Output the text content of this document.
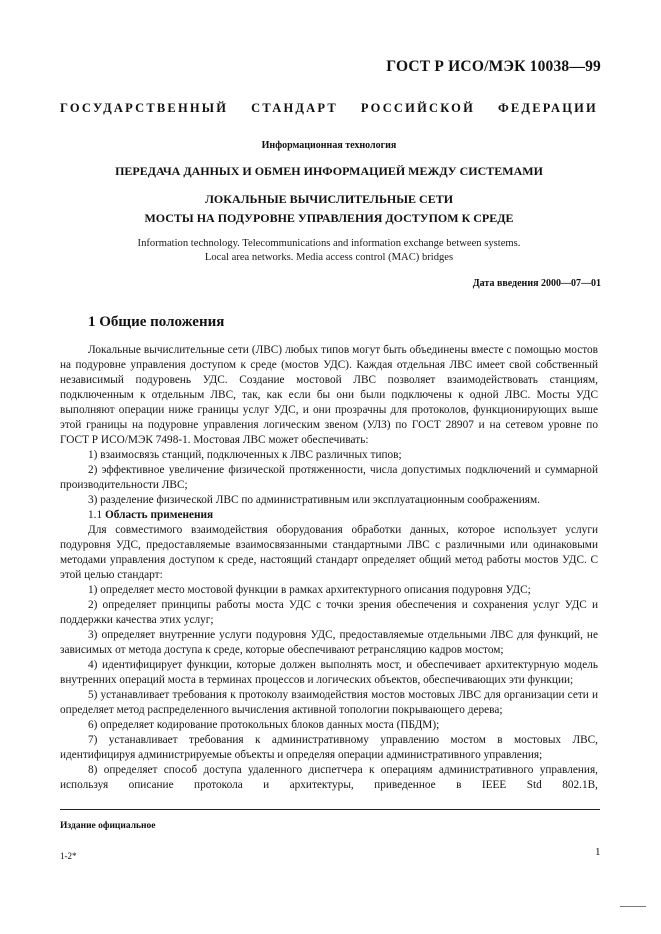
ГОСТ Р ИСО/МЭК 10038—99
ГОСУДАРСТВЕННЫЙ СТАНДАРТ РОССИЙСКОЙ ФЕДЕРАЦИИ
Информационная технология
ПЕРЕДАЧА ДАННЫХ И ОБМЕН ИНФОРМАЦИЕЙ МЕЖДУ СИСТЕМАМИ
ЛОКАЛЬНЫЕ ВЫЧИСЛИТЕЛЬНЫЕ СЕТИ
МОСТЫ НА ПОДУРОВНЕ УПРАВЛЕНИЯ ДОСТУПОМ К СРЕДЕ
Information technology. Telecommunications and information exchange between systems.
Local area networks. Media access control (MAC) bridges
Дата введения 2000—07—01
1 Общие положения

Локальные вычислительные сети (ЛВС) любых типов могут быть объединены вместе с помощью мостов на подуровне управления доступом к среде (мостов УДС). Каждая отдельная ЛВС имеет свой собственный независимый подуровень УДС. Создание мостовой ЛВС позволяет взаимодействовать станциям, подключенным к отдельным ЛВС, так, как если бы они были подключены к одной ЛВС. Мосты УДС выполняют операции ниже границы услуг УДС, и они прозрачны для протоколов, функционирующих выше этой границы на подуровне управления логическим звеном (УЛЗ) по ГОСТ 28907 и на сетевом уровне по ГОСТ Р ИСО/МЭК 7498-1. Мостовая ЛВС может обеспечивать:

1) взаимосвязь станций, подключенных к ЛВС различных типов;

2) эффективное увеличение физической протяженности, числа допустимых подключений и суммарной производительности ЛВС;

3) разделение физической ЛВС по административным или эксплуатационным соображениям.

1.1 Область применения

Для совместимого взаимодействия оборудования обработки данных, которое использует услуги подуровня УДС, предоставляемые взаимосвязанными стандартными ЛВС с различными или одинаковыми методами управления доступом к среде, настоящий стандарт определяет общий метод работы мостов УДС. С этой целью стандарт:

1) определяет место мостовой функции в рамках архитектурного описания подуровня УДС;

2) определяет принципы работы моста УДС с точки зрения обеспечения и сохранения услуг УДС и поддержки качества этих услуг;

3) определяет внутренние услуги подуровня УДС, предоставляемые отдельными ЛВС для функций, не зависимых от метода доступа к среде, которые обеспечивают ретрансляцию кадров мостом;

4) идентифицирует функции, которые должен выполнять мост, и обеспечивает архитектурную модель внутренних операций моста в терминах процессов и логических объектов, обеспечивающих эти функции;

5) устанавливает требования к протоколу взаимодействия мостов мостовых ЛВС для организации сети и определяет метод распределенного вычисления активной топологии покрывающего дерева;

6) определяет кодирование протокольных блоков данных моста (ПБДМ);

7) устанавливает требования к административному управлению мостом в мостовых ЛВС, идентифицируя администрируемые объекты и определяя операции административного управления;

8) определяет способ доступа удаленного диспетчера к операциям административного управления, используя описание протокола и архитектуры, приведенное в IEEE Std 802.1B,

Издание официальное
1-2*	1
